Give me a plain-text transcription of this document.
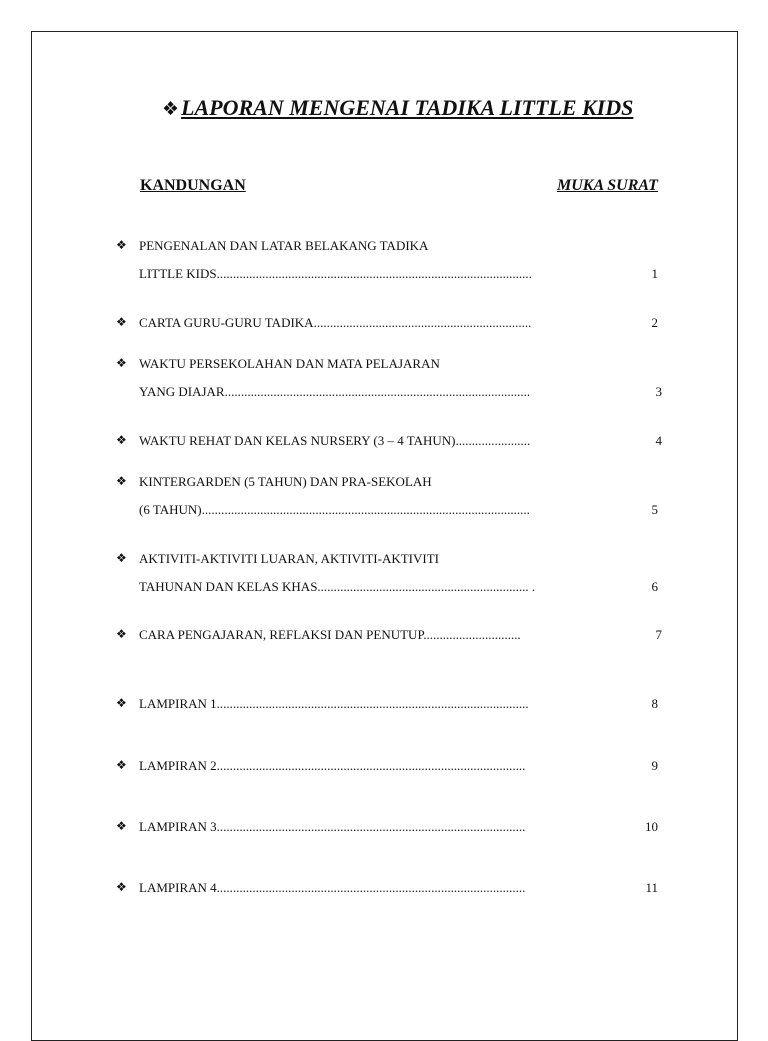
❖LAPORAN MENGENAI TADIKA LITTLE KIDS
KANDUNGAN	MUKA SURAT
❖ PENGENALAN DAN LATAR BELAKANG TADIKA
LITTLE KIDS.................................................................................................	1
❖ CARTA GURU-GURU TADIKA...................................................................	2
❖ WAKTU PERSEKOLAHAN DAN MATA PELAJARAN
YANG DIAJAR..............................................................................................	3
❖ WAKTU REHAT DAN KELAS NURSERY (3 – 4 TAHUN).......................	4
❖ KINTERGARDEN (5 TAHUN) DAN PRA-SEKOLAH
(6 TAHUN).....................................................................................................	5
❖ AKTIVITI-AKTIVITI LUARAN, AKTIVITI-AKTIVITI
TAHUNAN DAN KELAS KHAS................................................................. .	6
❖ CARA PENGAJARAN, REFLAKSI DAN PENUTUP..............................	7
❖ LAMPIRAN 1................................................................................................	8
❖ LAMPIRAN 2...............................................................................................	9
❖ LAMPIRAN 3...............................................................................................	10
❖ LAMPIRAN 4...............................................................................................	11
